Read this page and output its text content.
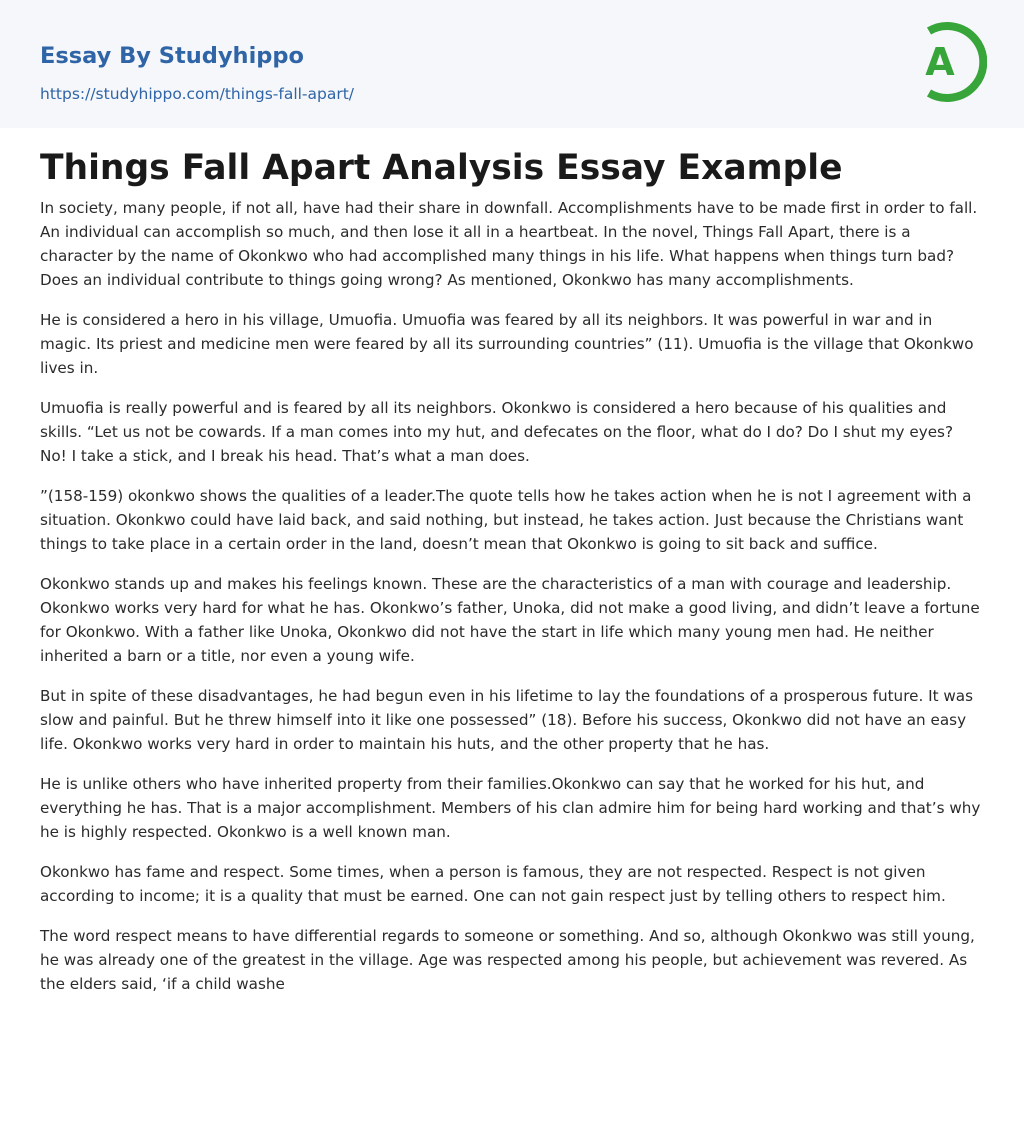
Essay By Studyhippo
https://studyhippo.com/things-fall-apart/
A
Things Fall Apart Analysis Essay Example

In society, many people, if not all, have had their share in downfall. Accomplishments have to be made first in order to fall. An individual can accomplish so much, and then lose it all in a heartbeat. In the novel, Things Fall Apart, there is a character by the name of Okonkwo who had accomplished many things in his life. What happens when things turn bad? Does an individual contribute to things going wrong? As mentioned, Okonkwo has many accomplishments.

He is considered a hero in his village, Umuofia. Umuofia was feared by all its neighbors. It was powerful in war and in magic. Its priest and medicine men were feared by all its surrounding countries” (11). Umuofia is the village that Okonkwo lives in.

Umuofia is really powerful and is feared by all its neighbors. Okonkwo is considered a hero because of his qualities and skills. “Let us not be cowards. If a man comes into my hut, and defecates on the floor, what do I do? Do I shut my eyes? No! I take a stick, and I break his head. That’s what a man does.

”(158-159) okonkwo shows the qualities of a leader.The quote tells how he takes action when he is not I agreement with a situation. Okonkwo could have laid back, and said nothing, but instead, he takes action. Just because the Christians want things to take place in a certain order in the land, doesn’t mean that Okonkwo is going to sit back and suffice.

Okonkwo stands up and makes his feelings known. These are the characteristics of a man with courage and leadership. Okonkwo works very hard for what he has. Okonkwo’s father, Unoka, did not make a good living, and didn’t leave a fortune for Okonkwo. With a father like Unoka, Okonkwo did not have the start in life which many young men had. He neither inherited a barn or a title, nor even a young wife.

But in spite of these disadvantages, he had begun even in his lifetime to lay the foundations of a prosperous future. It was slow and painful. But he threw himself into it like one possessed” (18). Before his success, Okonkwo did not have an easy life. Okonkwo works very hard in order to maintain his huts, and the other property that he has.

He is unlike others who have inherited property from their families.Okonkwo can say that he worked for his hut, and everything he has. That is a major accomplishment. Members of his clan admire him for being hard working and that’s why he is highly respected. Okonkwo is a well known man.

Okonkwo has fame and respect. Some times, when a person is famous, they are not respected. Respect is not given according to income; it is a quality that must be earned. One can not gain respect just by telling others to respect him.

The word respect means to have differential regards to someone or something. And so, although Okonkwo was still young, he was already one of the greatest in the village. Age was respected among his people, but achievement was revered. As the elders said, ‘if a child washe
